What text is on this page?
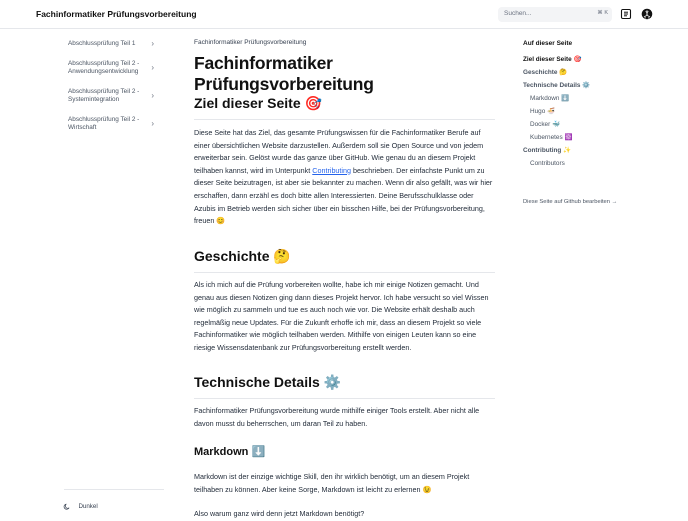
Fachinformatiker Prüfungsvorbereitung	Suchen...	⌘ K
Abschlussprüfung Teil 1 ›
Abschlussprüfung Teil 2 - Anwendungsentwicklung ›
Abschlussprüfung Teil 2 - Systemintegration	›
Abschlussprüfung Teil 2 - Wirtschaft	›
Dunkel
Fachinformatiker Prüfungsvorbereitung
Fachinformatiker Prüfungsvorbereitung
Ziel dieser Seite 🎯

Diese Seite hat das Ziel, das gesamte Prüfungswissen für die Fachinformatiker Berufe auf einer übersichtlichen Website darzustellen. Außerdem soll sie Open Source und von jedem erweiterbar sein. Gelöst wurde das ganze über GitHub. Wie genau du an diesem Projekt teilhaben kannst, wird im Unterpunkt Contributing beschrieben. Der einfachste Punkt um zu dieser Seite beizutragen, ist aber sie bekannter zu machen. Wenn dir also gefällt, was wir hier erschaffen, dann erzähl es doch bitte allen Interessierten. Deine Berufsschulklasse oder Azubis im Betrieb werden sich sicher über ein bisschen Hilfe, bei der Prüfungsvorbereitung, freuen 😊

Geschichte 🤔

Als ich mich auf die Prüfung vorbereiten wollte, habe ich mir einige Notizen gemacht. Und genau aus diesen Notizen ging dann dieses Projekt hervor. Ich habe versucht so viel Wissen wie möglich zu sammeln und tue es auch noch wie vor. Die Website erhält deshalb auch regelmäßig neue Updates. Für die Zukunft erhoffe ich mir, dass an diesem Projekt so viele Fachinformatiker wie möglich teilhaben werden. Mithilfe von einigen Leuten kann so eine riesige Wissensdatenbank zur Prüfungsvorbereitung erstellt werden.

Technische Details ⚙️

Fachinformatiker Prüfungsvorbereitung wurde mithilfe einiger Tools erstellt. Aber nicht alle davon musst du beherrschen, um daran Teil zu haben.

Markdown ⬇️

Markdown ist der einzige wichtige Skill, den ihr wirklich benötigt, um an diesem Projekt teilhaben zu können. Aber keine Sorge, Markdown ist leicht zu erlernen 😉

Also warum ganz wird denn jetzt Markdown benötigt?

Auf dieser Seite
Ziel dieser Seite 🎯
Geschichte 🤔
Technische Details ⚙️
Markdown ⬇️
Hugo 🍜
Docker 🐳
Kubernetes ☸️
Contributing ✨
Contributors
Diese Seite auf Github bearbeiten →
